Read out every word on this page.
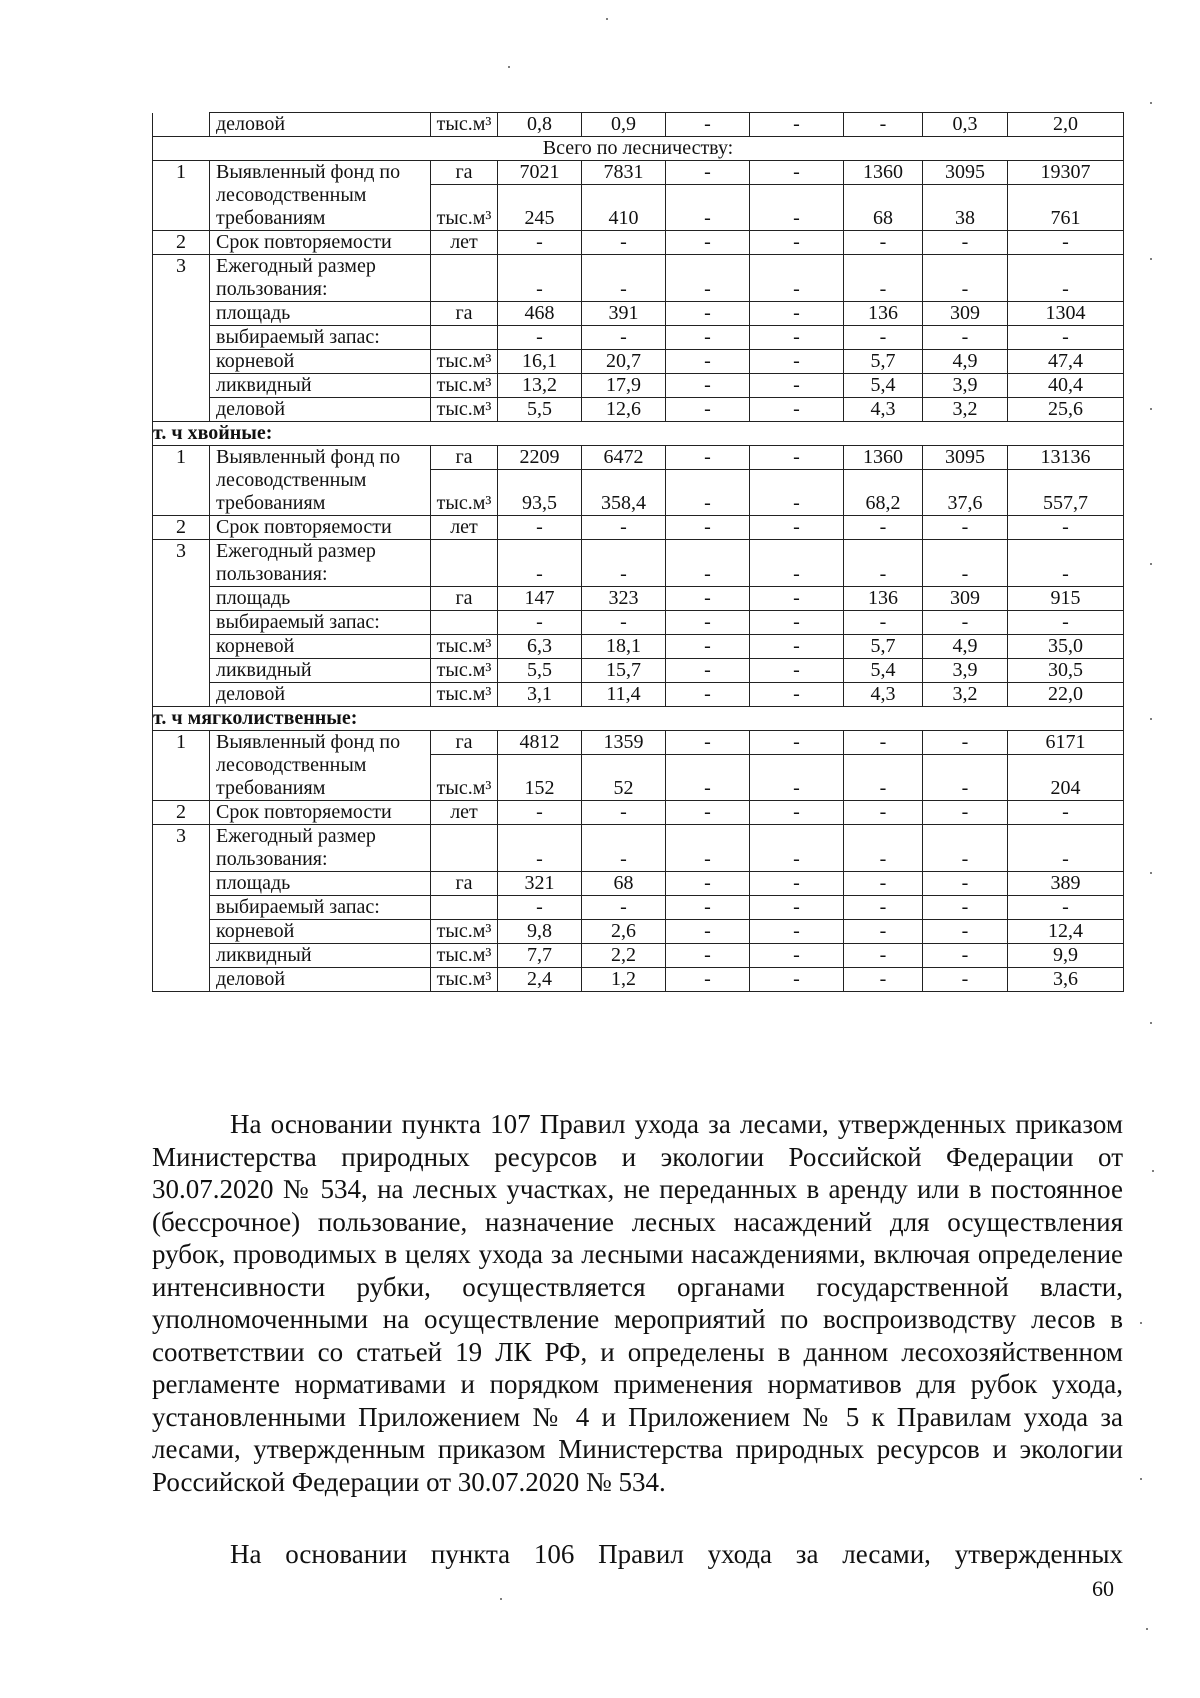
	деловой	тыс.м³	0,8	0,9	-	-	-	0,3	2,0
Всего по лесничеству:									
1	Выявленный фонд по лесоводственным требованиям	га	7021	7831	-	-	1360	3095	19307
		тыс.м³	245	410	-	-	68	38	761
2	Срок повторяемости	лет	-	-	-	-	-	-	-
3	Ежегодный размер пользования:		-	-	-	-	-	-	-
	площадь	га	468	391	-	-	136	309	1304
	выбираемый запас:		-	-	-	-	-	-	-
	корневой	тыс.м³	16,1	20,7	-	-	5,7	4,9	47,4
	ликвидный	тыс.м³	13,2	17,9	-	-	5,4	3,9	40,4
	деловой	тыс.м³	5,5	12,6	-	-	4,3	3,2	25,6
т. ч хвойные:									
1	Выявленный фонд по лесоводственным требованиям	га	2209	6472	-	-	1360	3095	13136
		тыс.м³	93,5	358,4	-	-	68,2	37,6	557,7
2	Срок повторяемости	лет	-	-	-	-	-	-	-
3	Ежегодный размер пользования:		-	-	-	-	-	-	-
	площадь	га	147	323	-	-	136	309	915
	выбираемый запас:		-	-	-	-	-	-	-
	корневой	тыс.м³	6,3	18,1	-	-	5,7	4,9	35,0
	ликвидный	тыс.м³	5,5	15,7	-	-	5,4	3,9	30,5
	деловой	тыс.м³	3,1	11,4	-	-	4,3	3,2	22,0
т. ч мягколиственные:									
1	Выявленный фонд по лесоводственным требованиям	га	4812	1359	-	-	-	-	6171
		тыс.м³	152	52	-	-	-	-	204
2	Срок повторяемости	лет	-	-	-	-	-	-	-
3	Ежегодный размер пользования:		-	-	-	-	-	-	-
	площадь	га	321	68	-	-	-	-	389
	выбираемый запас:		-	-	-	-	-	-	-
	корневой	тыс.м³	9,8	2,6	-	-	-	-	12,4
	ликвидный	тыс.м³	7,7	2,2	-	-	-	-	9,9
	деловой	тыс.м³	2,4	1,2	-	-	-	-	3,6

На основании пункта 107 Правил ухода за лесами, утвержденных приказом Министерства природных ресурсов и экологии Российской Федерации от 30.07.2020 № 534, на лесных участках, не переданных в аренду или в постоянное (бессрочное) пользование, назначение лесных насаждений для осуществления рубок, проводимых в целях ухода за лесными насаждениями, включая определение интенсивности рубки, осуществляется органами государственной власти, уполномоченными на осуществление мероприятий по воспроизводству лесов в соответствии со статьей 19 ЛК РФ, и определены в данном лесохозяйственном регламенте нормативами и порядком применения нормативов для рубок ухода, установленными Приложением № 4 и Приложением № 5 к Правилам ухода за лесами, утвержденным приказом Министерства природных ресурсов и экологии Российской Федерации от 30.07.2020 № 534.

На основании пункта 106 Правил ухода за лесами, утвержденных

60
